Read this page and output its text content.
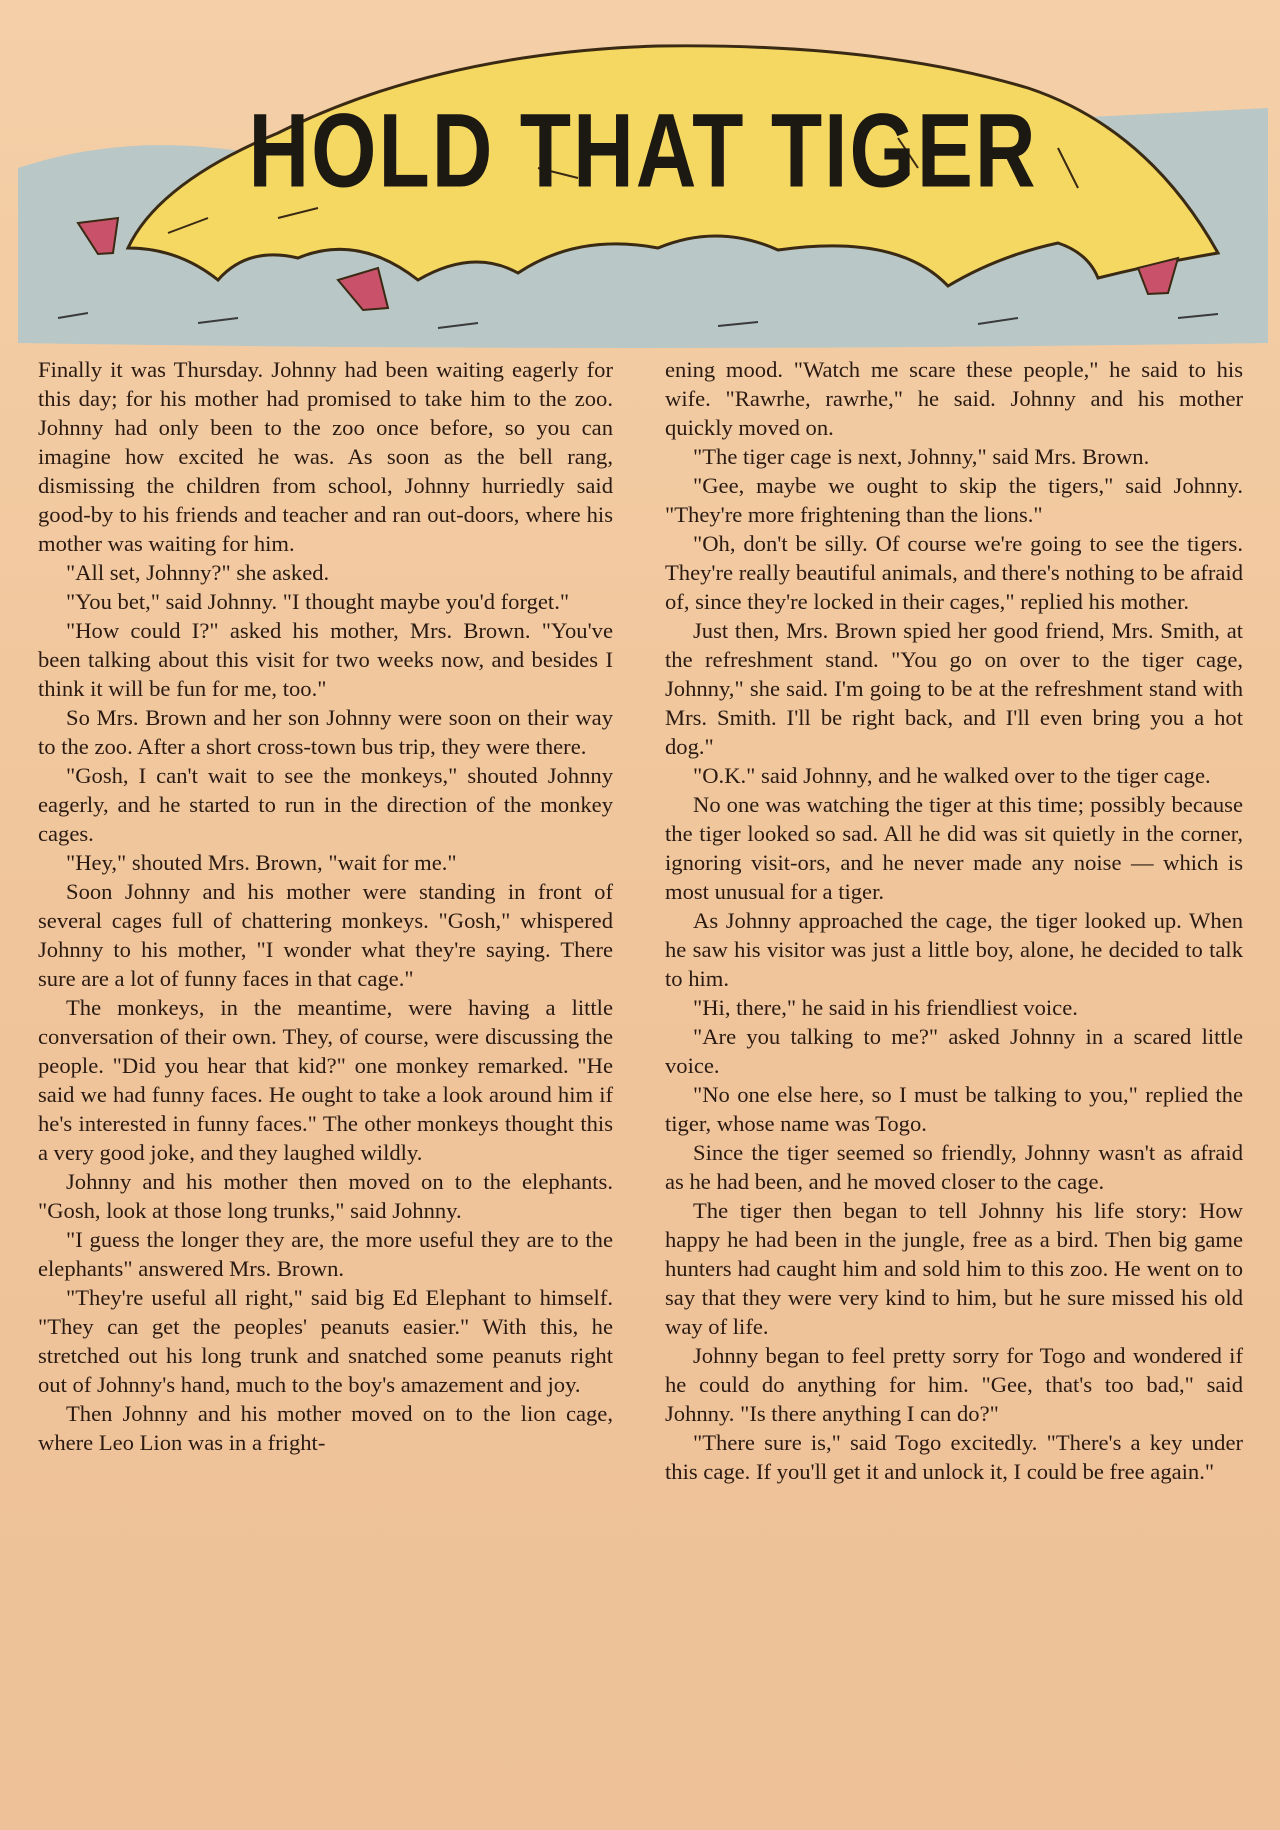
HOLD THAT TIGER

Finally it was Thursday. Johnny had been waiting eagerly for this day; for his mother had promised to take him to the zoo. Johnny had only been to the zoo once before, so you can imagine how excited he was. As soon as the bell rang, dismissing the children from school, Johnny hurriedly said good-by to his friends and teacher and ran out-doors, where his mother was waiting for him.

"All set, Johnny?" she asked.

"You bet," said Johnny. "I thought maybe you'd forget."

"How could I?" asked his mother, Mrs. Brown. "You've been talking about this visit for two weeks now, and besides I think it will be fun for me, too."

So Mrs. Brown and her son Johnny were soon on their way to the zoo. After a short cross-town bus trip, they were there.

"Gosh, I can't wait to see the monkeys," shouted Johnny eagerly, and he started to run in the direction of the monkey cages.

"Hey," shouted Mrs. Brown, "wait for me."

Soon Johnny and his mother were standing in front of several cages full of chattering monkeys. "Gosh," whispered Johnny to his mother, "I wonder what they're saying. There sure are a lot of funny faces in that cage."

The monkeys, in the meantime, were having a little conversation of their own. They, of course, were discussing the people. "Did you hear that kid?" one monkey remarked. "He said we had funny faces. He ought to take a look around him if he's interested in funny faces." The other monkeys thought this a very good joke, and they laughed wildly.

Johnny and his mother then moved on to the elephants. "Gosh, look at those long trunks," said Johnny.

"I guess the longer they are, the more useful they are to the elephants" answered Mrs. Brown.

"They're useful all right," said big Ed Elephant to himself. "They can get the peoples' peanuts easier." With this, he stretched out his long trunk and snatched some peanuts right out of Johnny's hand, much to the boy's amazement and joy.

Then Johnny and his mother moved on to the lion cage, where Leo Lion was in a fright-

ening mood. "Watch me scare these people," he said to his wife. "Rawrhe, rawrhe," he said. Johnny and his mother quickly moved on.

"The tiger cage is next, Johnny," said Mrs. Brown.

"Gee, maybe we ought to skip the tigers," said Johnny. "They're more frightening than the lions."

"Oh, don't be silly. Of course we're going to see the tigers. They're really beautiful animals, and there's nothing to be afraid of, since they're locked in their cages," replied his mother.

Just then, Mrs. Brown spied her good friend, Mrs. Smith, at the refreshment stand. "You go on over to the tiger cage, Johnny," she said. I'm going to be at the refreshment stand with Mrs. Smith. I'll be right back, and I'll even bring you a hot dog."

"O.K." said Johnny, and he walked over to the tiger cage.

No one was watching the tiger at this time; possibly because the tiger looked so sad. All he did was sit quietly in the corner, ignoring visit-ors, and he never made any noise — which is most unusual for a tiger.

As Johnny approached the cage, the tiger looked up. When he saw his visitor was just a little boy, alone, he decided to talk to him.

"Hi, there," he said in his friendliest voice.

"Are you talking to me?" asked Johnny in a scared little voice.

"No one else here, so I must be talking to you," replied the tiger, whose name was Togo.

Since the tiger seemed so friendly, Johnny wasn't as afraid as he had been, and he moved closer to the cage.

The tiger then began to tell Johnny his life story: How happy he had been in the jungle, free as a bird. Then big game hunters had caught him and sold him to this zoo. He went on to say that they were very kind to him, but he sure missed his old way of life.

Johnny began to feel pretty sorry for Togo and wondered if he could do anything for him. "Gee, that's too bad," said Johnny. "Is there anything I can do?"

"There sure is," said Togo excitedly. "There's a key under this cage. If you'll get it and unlock it, I could be free again."
